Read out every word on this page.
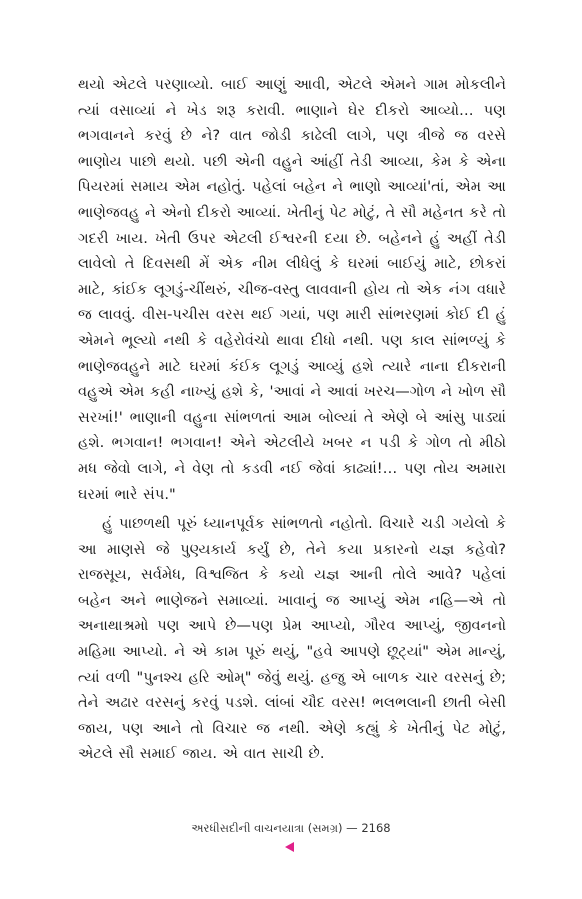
થયો એટલે પરણાવ્યો. બાઈ આણું આવી, એટલે એમને ગામ મોકલીને ત્યાં વસાવ્યાં ને ખેડ શરૂ કરાવી. ભાણાને ઘેર દીકરો આવ્યો… પણ ભગવાનને કરવું છે ને? વાત જોડી કાઢેલી લાગે, પણ ત્રીજે જ વરસે ભાણોય પાછો થયો. પછી એની વહુને આંહીં તેડી આવ્યા, કેમ કે એના પિયરમાં સમાય એમ નહોતું. પહેલાં બહેન ને ભાણો આવ્યાં'તાં, એમ આ ભાણેજવહુ ને એનો દીકરો આવ્યાં. ખેતીનું પેટ મોટું, તે સૌ મહેનત કરે તો ગદરી ખાય. ખેતી ઉપર એટલી ઈશ્વરની દયા છે. બહેનને હું અહીં તેડી લાવેલો તે દિવસથી મેં એક નીમ લીધેલું કે ઘરમાં બાઈયું માટે, છોકરાં માટે, કાંઈક લૂગડું-ચીંથરું, ચીજ-વસ્તુ લાવવાની હોય તો એક નંગ વધારે જ લાવવું. વીસ-પચીસ વરસ થઈ ગયાં, પણ મારી સાંભરણમાં કોઈ દી હું એમને ભૂલ્યો નથી કે વહેરોવંચો થાવા દીધો નથી. પણ કાલ સાંભળ્યું કે ભાણેજવહુને માટે ઘરમાં કંઈક લૂગડું આવ્યું હશે ત્યારે નાના દીકરાની વહુએ એમ કહી નાખ્યું હશે કે, 'આવાં ને આવાં ખરચ—ગોળ ને ખોળ સૌ સરખાં!' ભાણાની વહુના સાંભળતાં આમ બોલ્યાં તે એણે બે આંસુ પાડ્યાં હશે. ભગવાન! ભગવાન! એને એટલીયે ખબર ન પડી કે ગોળ તો મીઠો મધ જેવો લાગે, ને વેણ તો કડવી નઈ જેવાં કાઢ્યાં!… પણ તોય અમારા ઘરમાં ભારે સંપ."

હું પાછળથી પૂરું ધ્યાનપૂર્વક સાંભળતો નહોતો. વિચારે ચડી ગયેલો કે આ માણસે જે પુણ્યકાર્ય કર્યું છે, તેને કયા પ્રકારનો યજ્ઞ કહેવો? રાજસૂય, સર્વમેધ, વિશ્વજિત કે કયો યજ્ઞ આની તોલે આવે? પહેલાં બહેન અને ભાણેજને સમાવ્યાં. ખાવાનું જ આપ્યું એમ નહિ—એ તો અનાથાશ્રમો પણ આપે છે—પણ પ્રેમ આપ્યો, ગૌરવ આપ્યું, જીવનનો મહિમા આપ્યો. ને એ કામ પૂરું થયું, "હવે આપણે છૂટ્યાં" એમ માન્યું, ત્યાં વળી "પુનશ્ચ હરિ ઓમ્" જેવું થયું. હજુ એ બાળક ચાર વરસનું છે; તેને અઢાર વરસનું કરવું પડશે. લાંબાં ચૌદ વરસ! ભલભલાની છાતી બેસી જાય, પણ આને તો વિચાર જ નથી. એણે કહ્યું કે ખેતીનું પેટ મોટું, એટલે સૌ સમાઈ જાય. એ વાત સાચી છે.

અરધીસદીની વાચનયાત્રા (સમગ્ર) — 2168
